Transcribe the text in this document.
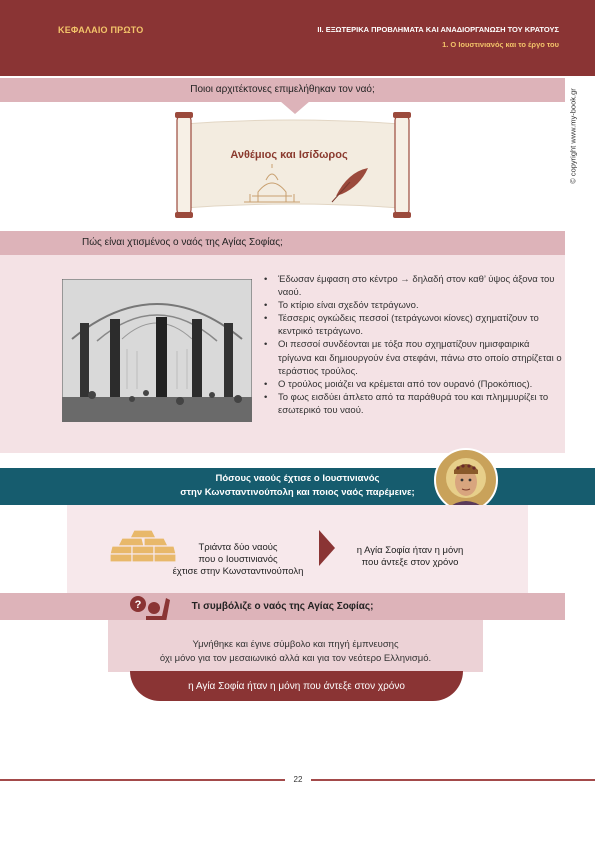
ΚΕΦΑΛΑΙΟ ΠΡΩΤΟ	ΙΙ. ΕΞΩΤΕΡΙΚΑ ΠΡΟΒΛΗΜΑΤΑ ΚΑΙ ΑΝΑΔΙΟΡΓΑΝΩΣΗ ΤΟΥ ΚΡΑΤΟΥΣ
1. Ο Ιουστινιανός και το έργο του
© copyright www.my-book.gr
Ποιοι αρχιτέκτονες επιμελήθηκαν τον ναό;
Ανθέμιος και Ισίδωρος
Πώς είναι χτισμένος ο ναός της Αγίας Σοφίας;
• Έδωσαν έμφαση στο κέντρο → δηλαδή στον καθ’ ύψος άξονα του ναού.
• Το κτίριο είναι σχεδόν τετράγωνο.
• Τέσσερις ογκώδεις πεσσοί (τετράγωνοι κίονες) σχηματίζουν το κεντρικό τετράγωνο.
• Οι πεσσοί συνδέονται με τόξα που σχηματίζουν ημισφαιρικά τρίγωνα και δημιουργούν ένα στεφάνι, πάνω στο οποίο στηρίζεται ο τεράστιος τρούλος.
• Ο τρούλος μοιάζει να κρέμεται από τον ουρανό (Προκόπιος).
• Το φως εισδύει άπλετο από τα παράθυρά του και πλημμυρίζει το εσωτερικό του ναού.
Πόσους ναούς έχτισε ο Ιουστινιανός
στην Κωνσταντινούπολη και ποιος ναός παρέμεινε;
Τριάντα δύο ναούς
που ο Ιουστινιανός
έχτισε στην Κωνσταντινούπολη
η Αγία Σοφία ήταν η μόνη
που άντεξε στον χρόνο
Τι συμβόλιζε ο ναός της Αγίας Σοφίας;
?
Υμνήθηκε και έγινε σύμβολο και πηγή έμπνευσης
όχι μόνο για τον μεσαιωνικό αλλά και για τον νεότερο Ελληνισμό.
η Αγία Σοφία ήταν η μόνη που άντεξε στον χρόνο
22
